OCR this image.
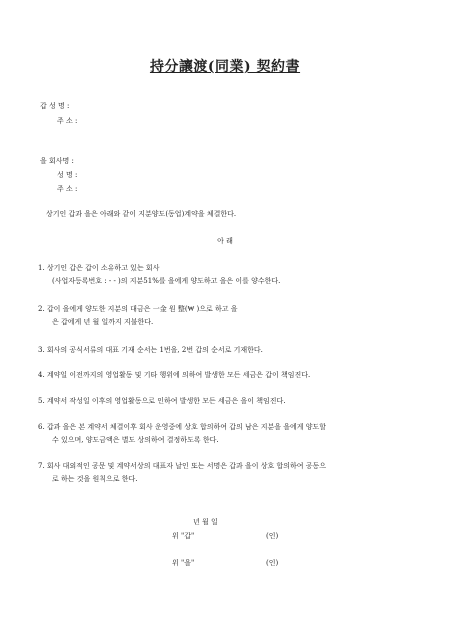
持分讓渡(同業) 契約書
갑 성 명 :
주 소 :
을 회사명 :
성 명 :
주 소 :
상기인 갑과 을은 아래와 같이 지분양도(동업)계약을 체결한다.
아 래
1. 상기인 갑은 갑이 소유하고 있는 회사
(사업자등록번호 : - - )의 지분51%를 을에게 양도하고 을은 이를 양수한다.
2. 갑이 을에게 양도한 지분의 대금은 一金 원 整(₩ )으로 하고 을
은 갑에게 년 월 일까지 지불한다.
3. 회사의 공식서류의 대표 기재 순서는 1번을, 2번 갑의 순서로 기재한다.
4. 계약일 이전까지의 영업활동 및 기타 행위에 의하여 발생한 모든 세금은 갑이 책임진다.
5. 계약서 작성일 이후의 영업활동으로 인하여 발생한 모든 세금은 을이 책임진다.
6. 갑과 을은 본 계약서 체결이후 회사 운영중에 상호 합의하여 갑의 남은 지분을 을에게 양도할
수 있으며, 양도금액은 별도 상의하여 결정하도록 한다.
7. 회사 대외적인 공문 및 계약서상의 대표자 날인 또는 서명은 갑과 을이 상호 합의하여 공동으
로 하는 것을 원칙으로 한다.
년 월 일
위 "갑"	(인)
위 "을"	(인)
